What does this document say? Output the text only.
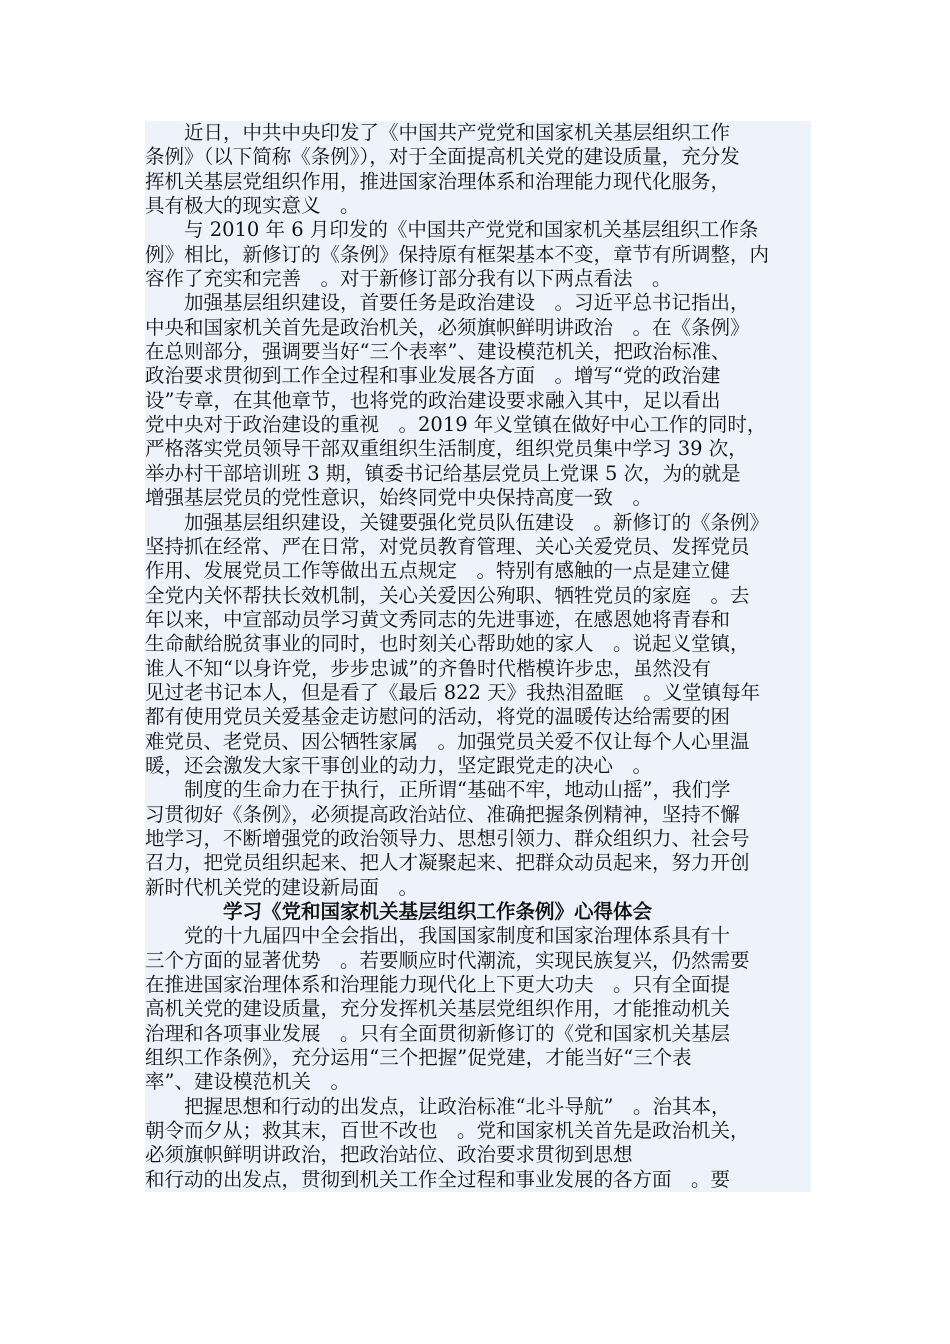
　　近日，中共中央印发了《中国共产党党和国家机关基层组织工作
条例》（以下简称《条例》），对于全面提高机关党的建设质量，充分发
挥机关基层党组织作用，推进国家治理体系和治理能力现代化服务，
具有极大的现实意义　。
　　与 2010 年 6 月印发的《中国共产党党和国家机关基层组织工作条
例》相比，新修订的《条例》保持原有框架基本不变，章节有所调整，内
容作了充实和完善　。对于新修订部分我有以下两点看法　。
　　加强基层组织建设，首要任务是政治建设　。习近平总书记指出，
中央和国家机关首先是政治机关，必须旗帜鲜明讲政治　。在《条例》
在总则部分，强调要当好“三个表率”、建设模范机关，把政治标准、
政治要求贯彻到工作全过程和事业发展各方面　。增写“党的政治建
设”专章，在其他章节，也将党的政治建设要求融入其中，足以看出
党中央对于政治建设的重视　。2019 年义堂镇在做好中心工作的同时，
严格落实党员领导干部双重组织生活制度，组织党员集中学习 39 次，
举办村干部培训班 3 期，镇委书记给基层党员上党课 5 次，为的就是
增强基层党员的党性意识，始终同党中央保持高度一致　。
　　加强基层组织建设，关键要强化党员队伍建设　。新修订的《条例》
坚持抓在经常、严在日常，对党员教育管理、关心关爱党员、发挥党员
作用、发展党员工作等做出五点规定　。特别有感触的一点是建立健
全党内关怀帮扶长效机制，关心关爱因公殉职、牺牲党员的家庭　。去
年以来，中宣部动员学习黄文秀同志的先进事迹，在感恩她将青春和
生命献给脱贫事业的同时，也时刻关心帮助她的家人　。说起义堂镇，
谁人不知“以身许党，步步忠诚”的齐鲁时代楷模许步忠，虽然没有
见过老书记本人，但是看了《最后 822 天》我热泪盈眶　。义堂镇每年
都有使用党员关爱基金走访慰问的活动，将党的温暖传达给需要的困
难党员、老党员、因公牺牲家属　。加强党员关爱不仅让每个人心里温
暖，还会激发大家干事创业的动力，坚定跟党走的决心　。
　　制度的生命力在于执行，正所谓“基础不牢，地动山摇”，我们学
习贯彻好《条例》，必须提高政治站位、准确把握条例精神，坚持不懈
地学习，不断增强党的政治领导力、思想引领力、群众组织力、社会号
召力，把党员组织起来、把人才凝聚起来、把群众动员起来，努力开创
新时代机关党的建设新局面　。
　　　　学习《党和国家机关基层组织工作条例》心得体会
　　党的十九届四中全会指出，我国国家制度和国家治理体系具有十
三个方面的显著优势　。若要顺应时代潮流，实现民族复兴，仍然需要
在推进国家治理体系和治理能力现代化上下更大功夫　。只有全面提
高机关党的建设质量，充分发挥机关基层党组织作用，才能推动机关
治理和各项事业发展　。只有全面贯彻新修订的《党和国家机关基层
组织工作条例》，充分运用“三个把握”促党建，才能当好“三个表
率”、建设模范机关　。
　　把握思想和行动的出发点，让政治标准“北斗导航”　。治其本，
朝令而夕从；救其末，百世不改也　。党和国家机关首先是政治机关，
必须旗帜鲜明讲政治，把政治站位、政治要求贯彻到思想
和行动的出发点，贯彻到机关工作全过程和事业发展的各方面　。要
